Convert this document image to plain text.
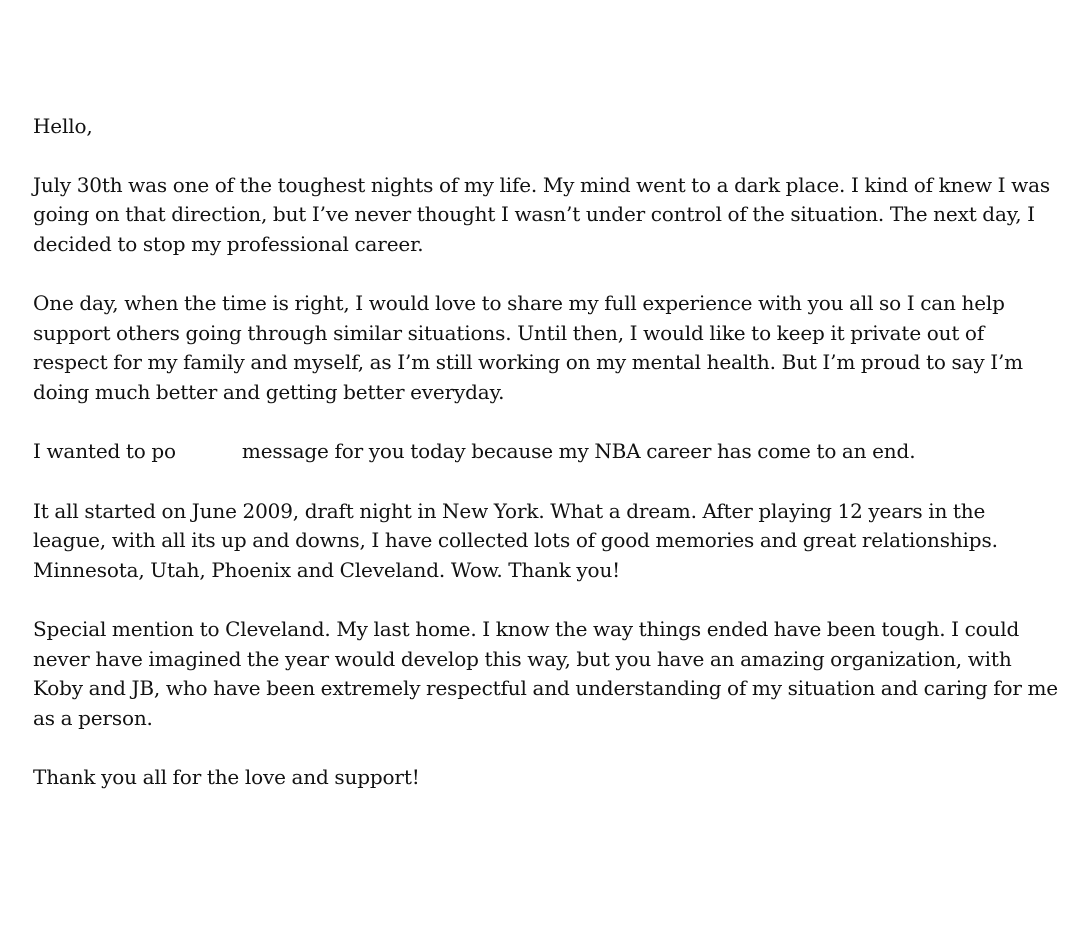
Hello,

July 30th was one of the toughest nights of my life. My mind went to a dark place. I kind of knew I was going on that direction, but I’ve never thought I wasn’t under control of the situation. The next day, I decided to stop my professional career.

One day, when the time is right, I would love to share my full experience with you all so I can help support others going through similar situations. Until then, I would like to keep it private out of respect for my family and myself, as I’m still working on my mental health. But I’m proud to say I’m doing much better and getting better everyday.

I wanted to po	message for you today because my NBA career has come to an end.

It all started on June 2009, draft night in New York. What a dream. After playing 12 years in the league, with all its up and downs, I have collected lots of good memories and great relationships. Minnesota, Utah, Phoenix and Cleveland. Wow. Thank you!

Special mention to Cleveland. My last home. I know the way things ended have been tough. I could never have imagined the year would develop this way, but you have an amazing organization, with Koby and JB, who have been extremely respectful and understanding of my situation and caring for me as a person.

Thank you all for the love and support!
